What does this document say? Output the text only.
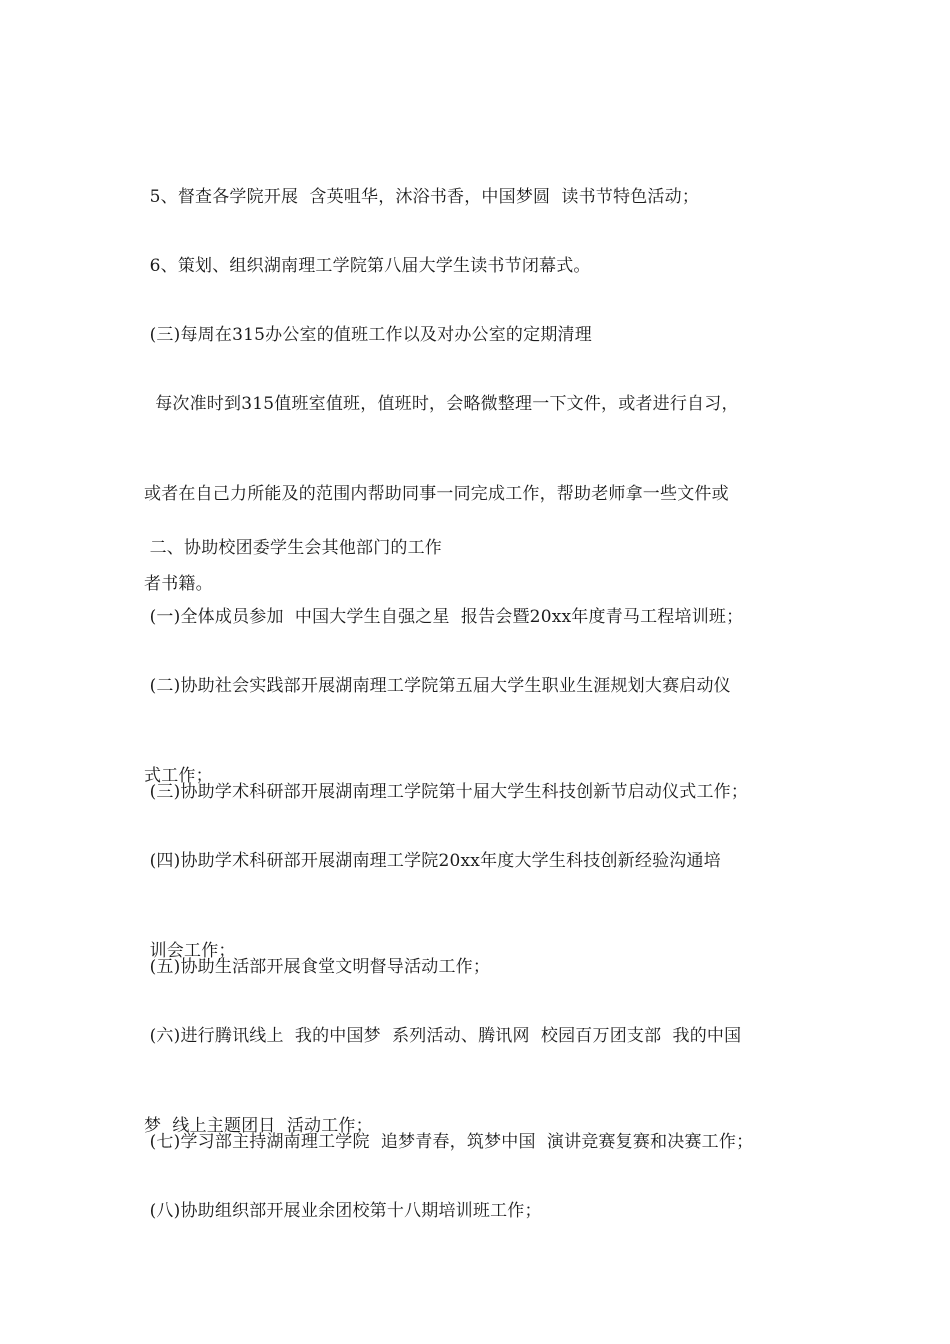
5、督查各学院开展  含英咀华，沐浴书香，中国梦圆  读书节特色活动；

6、策划、组织湖南理工学院第八届大学生读书节闭幕式。

(三)每周在315办公室的值班工作以及对办公室的定期清理

每次准时到315值班室值班，值班时，会略微整理一下文件，或者进行自习，

或者在自己力所能及的范围内帮助同事一同完成工作，帮助老师拿一些文件或

者书籍。

二、协助校团委学生会其他部门的工作

(一)全体成员参加  中国大学生自强之星  报告会暨20xx年度青马工程培训班；

(二)协助社会实践部开展湖南理工学院第五届大学生职业生涯规划大赛启动仪

式工作；

(三)协助学术科研部开展湖南理工学院第十届大学生科技创新节启动仪式工作；

(四)协助学术科研部开展湖南理工学院20xx年度大学生科技创新经验沟通培

训会工作；

(五)协助生活部开展食堂文明督导活动工作；

(六)进行腾讯线上  我的中国梦  系列活动、腾讯网  校园百万团支部  我的中国

梦  线上主题团日  活动工作；

(七)学习部主持湖南理工学院  追梦青春，筑梦中国  演讲竞赛复赛和决赛工作；

(八)协助组织部开展业余团校第十八期培训班工作；
